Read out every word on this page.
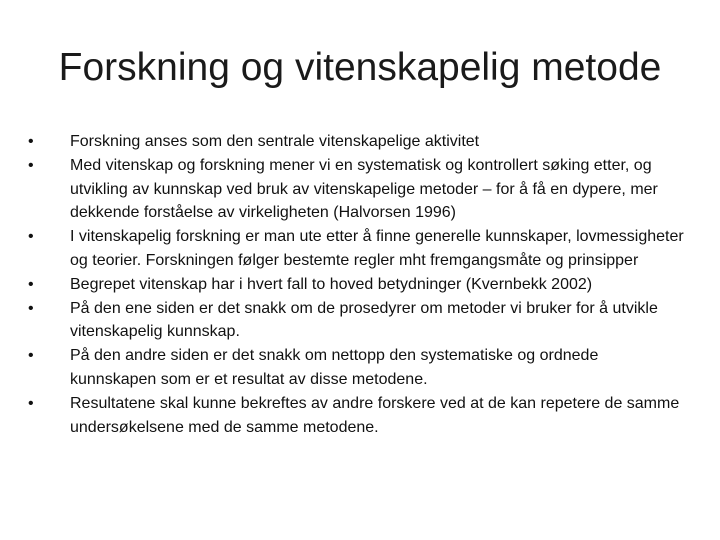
Forskning og vitenskapelig metode
•	Forskning anses som den sentrale vitenskapelige aktivitet
•	Med vitenskap og forskning mener vi en systematisk og kontrollert søking etter, og utvikling av kunnskap ved bruk av vitenskapelige metoder – for å få en dypere, mer dekkende forståelse av virkeligheten (Halvorsen 1996)
•	I vitenskapelig forskning er man ute etter å finne generelle kunnskaper, lovmessigheter og teorier. Forskningen følger bestemte regler mht fremgangsmåte og prinsipper
•	Begrepet vitenskap har i hvert fall to hoved betydninger (Kvernbekk 2002)
•	På den ene siden er det snakk om de prosedyrer om metoder vi bruker for å utvikle vitenskapelig kunnskap.
•	På den andre siden er det snakk om nettopp den systematiske og ordnede kunnskapen som er et resultat av disse metodene.
•	Resultatene skal kunne bekreftes av andre forskere ved at de kan repetere de samme undersøkelsene med de samme metodene.
